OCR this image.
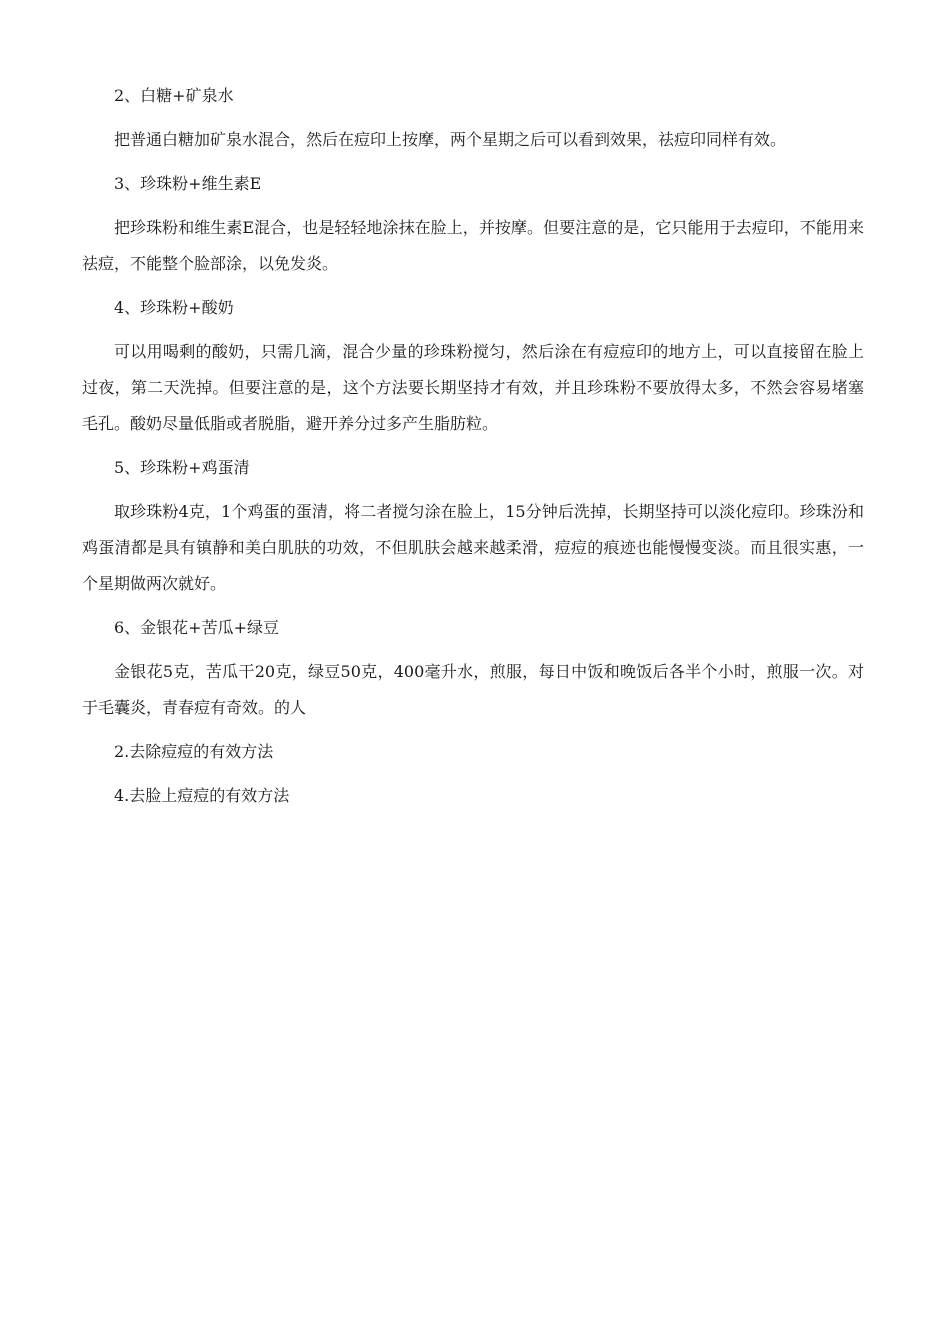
2、白糖+矿泉水

把普通白糖加矿泉水混合，然后在痘印上按摩，两个星期之后可以看到效果，祛痘印同样有效。

3、珍珠粉+维生素E

把珍珠粉和维生素E混合，也是轻轻地涂抹在脸上，并按摩。但要注意的是，它只能用于去痘印，不能用来祛痘，不能整个脸部涂，以免发炎。

4、珍珠粉+酸奶

可以用喝剩的酸奶，只需几滴，混合少量的珍珠粉搅匀，然后涂在有痘痘印的地方上，可以直接留在脸上过夜，第二天洗掉。但要注意的是，这个方法要长期坚持才有效，并且珍珠粉不要放得太多，不然会容易堵塞毛孔。酸奶尽量低脂或者脱脂，避开养分过多产生脂肪粒。

5、珍珠粉+鸡蛋清

取珍珠粉4克，1个鸡蛋的蛋清，将二者搅匀涂在脸上，15分钟后洗掉，长期坚持可以淡化痘印。珍珠汾和鸡蛋清都是具有镇静和美白肌肤的功效，不但肌肤会越来越柔滑，痘痘的痕迹也能慢慢变淡。而且很实惠，一个星期做两次就好。

6、金银花+苦瓜+绿豆

金银花5克，苦瓜干20克，绿豆50克，400毫升水，煎服，每日中饭和晚饭后各半个小时，煎服一次。对于毛囊炎，青春痘有奇效。的人

2.去除痘痘的有效方法

4.去脸上痘痘的有效方法
